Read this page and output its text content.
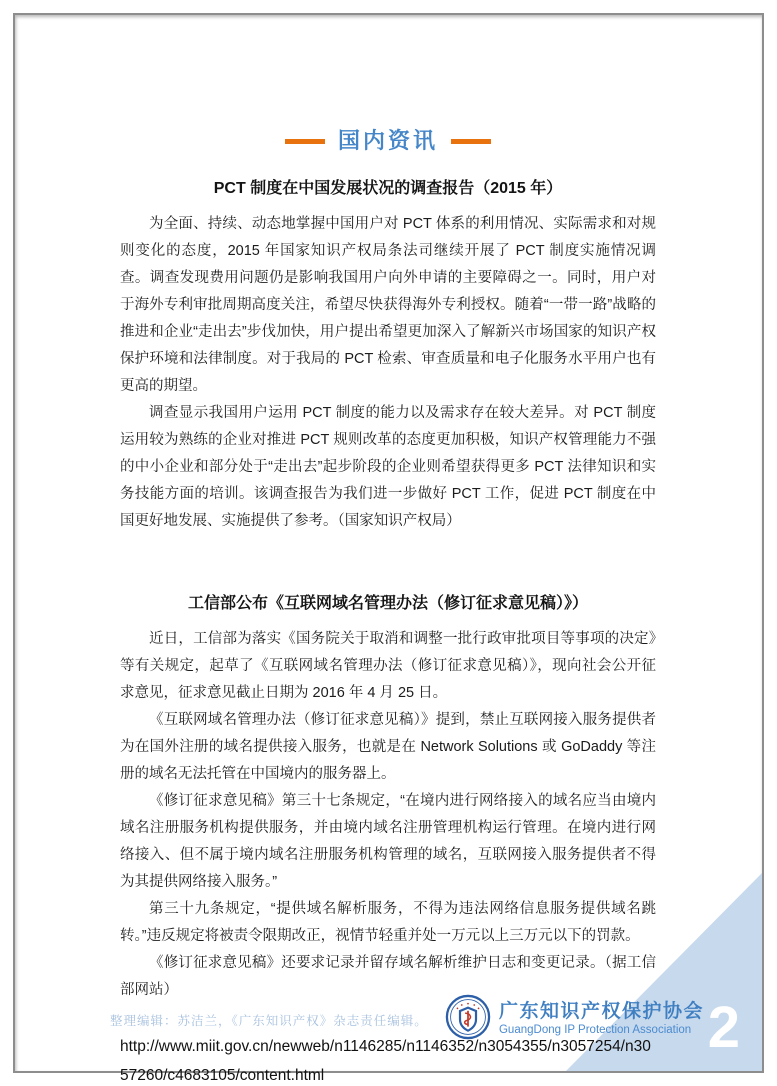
国内资讯
PCT 制度在中国发展状况的调查报告（2015 年）

为全面、持续、动态地掌握中国用户对 PCT 体系的利用情况、实际需求和对规则变化的态度，2015 年国家知识产权局条法司继续开展了 PCT 制度实施情况调查。调查发现费用问题仍是影响我国用户向外申请的主要障碍之一。同时，用户对于海外专利审批周期高度关注，希望尽快获得海外专利授权。随着“一带一路”战略的推进和企业“走出去”步伐加快，用户提出希望更加深入了解新兴市场国家的知识产权保护环境和法律制度。对于我局的 PCT 检索、审查质量和电子化服务水平用户也有更高的期望。

调查显示我国用户运用 PCT 制度的能力以及需求存在较大差异。对 PCT 制度运用较为熟练的企业对推进 PCT 规则改革的态度更加积极，知识产权管理能力不强的中小企业和部分处于“走出去”起步阶段的企业则希望获得更多 PCT 法律知识和实务技能方面的培训。该调查报告为我们进一步做好 PCT 工作，促进 PCT 制度在中国更好地发展、实施提供了参考。（国家知识产权局）

工信部公布《互联网域名管理办法（修订征求意见稿）》）

近日，工信部为落实《国务院关于取消和调整一批行政审批项目等事项的决定》等有关规定，起草了《互联网域名管理办法（修订征求意见稿）》，现向社会公开征求意见，征求意见截止日期为 2016 年 4 月 25 日。

《互联网域名管理办法（修订征求意见稿）》提到，禁止互联网接入服务提供者为在国外注册的域名提供接入服务，也就是在 Network Solutions 或 GoDaddy 等注册的域名无法托管在中国境内的服务器上。

《修订征求意见稿》第三十七条规定，“在境内进行网络接入的域名应当由境内域名注册服务机构提供服务，并由境内域名注册管理机构运行管理。在境内进行网络接入、但不属于境内域名注册服务机构管理的域名，互联网接入服务提供者不得为其提供网络接入服务。”

第三十九条规定，“提供域名解析服务，不得为违法网络信息服务提供域名跳转。”违反规定将被责令限期改正，视情节轻重并处一万元以上三万元以下的罚款。

《修订征求意见稿》还要求记录并留存域名解析维护日志和变更记录。（据工信部网站）

http://www.miit.gov.cn/newweb/n1146285/n1146352/n3054355/n3057254/n3057260/c4683105/content.html

整理编辑：苏洁兰，《广东知识产权》杂志责任编辑。	广东知识产权保护协会
GuangDong IP Protection Association 2
